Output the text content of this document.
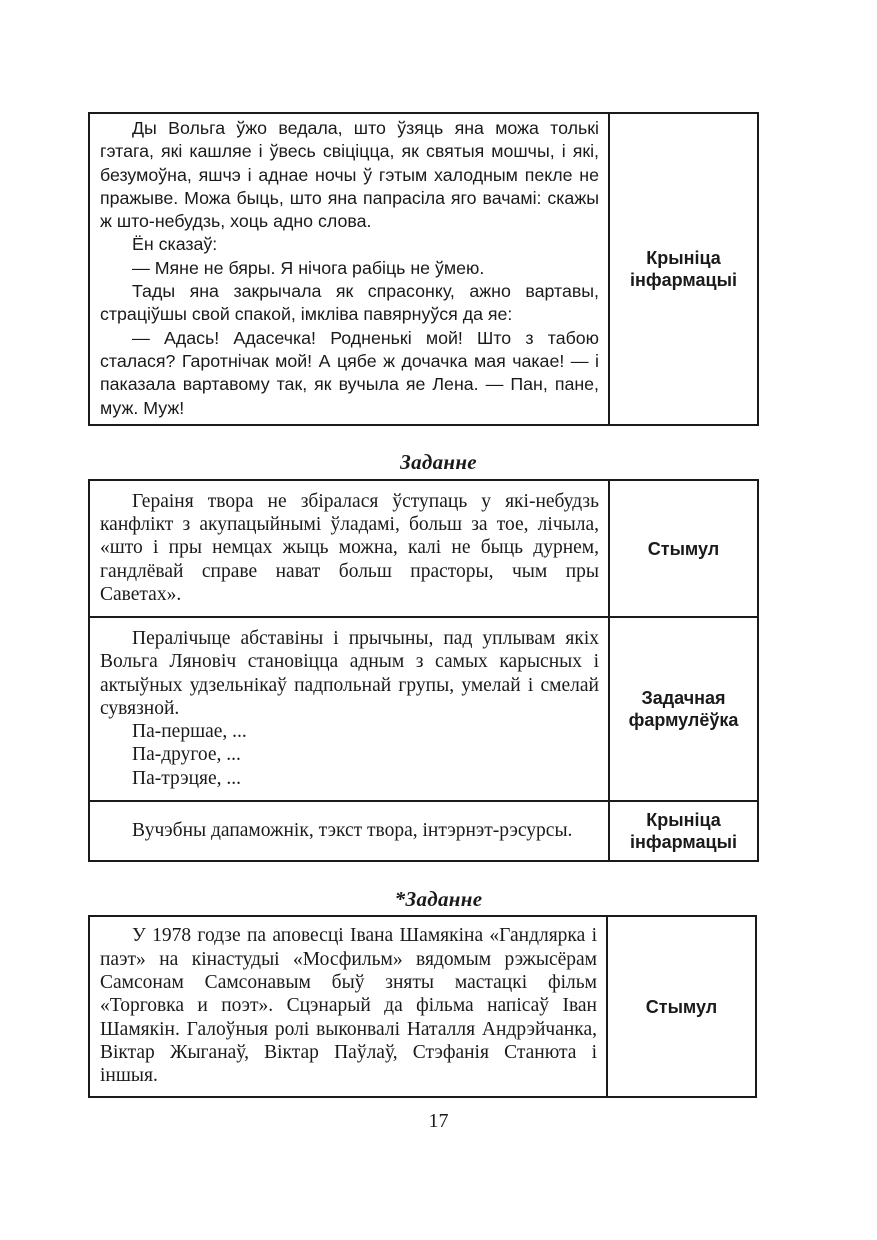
Ды Вольга ўжо ведала, што ўзяць яна можа толькі гэтага, які кашляе і ўвесь свіціцца, як святыя мошчы, і які, безумоўна, яшчэ і аднае ночы ў гэтым халодным пекле не пражыве. Можа быць, што яна папрасіла яго вачамі: скажы ж што-небудзь, хоць адно слова.

Ён сказаў:

— Мяне не бяры. Я нічога рабіць не ўмею.

Тады яна закрычала як спрасонку, ажно вартавы, страціўшы свой спакой, імкліва павярнуўся да яе:

— Адась! Адасечка! Родненькі мой! Што з табою сталася? Гаротнічак мой! А цябе ж дочачка мая чакае! — і паказала вартавому так, як вучыла яе Лена. — Пан, пане, муж. Муж!

	Крыніца інфармацыі
Заданне

Гераіня твора не збіралася ўступаць у які-небудзь канфлікт з акупацыйнымі ўладамі, больш за тое, лічыла, «што і пры немцах жыць можна, калі не быць дурнем, гандлёвай справе нават больш прасторы, чым пры Саветах».	Стымул

Пералічыце абставіны і прычыны, пад уплывам якіх Вольга Ляновіч становіцца адным з самых карысных і актыўных удзельнікаў падпольнай групы, умелай і смелай сувязной.

Па-першае, ...

Па-другое, ...

Па-трэцяе, ...	Задачная фармулёўка

Вучэбны дапаможнік, тэкст твора, інтэрнэт-рэсурсы.	Крыніца інфармацыі
*Заданне

У 1978 годзе па аповесці Івана Шамякіна «Гандлярка і паэт» на кінастудыі «Мосфильм» вядомым рэжысёрам Самсонам Самсонавым быў зняты мастацкі фільм «Торговка и поэт». Сцэнарый да фільма напісаў Іван Шамякін. Галоўныя ролі выконвалі Наталля Андрэйчанка, Віктар Жыганаў, Віктар Паўлаў, Стэфанія Станюта і іншыя.

	Стымул
17
